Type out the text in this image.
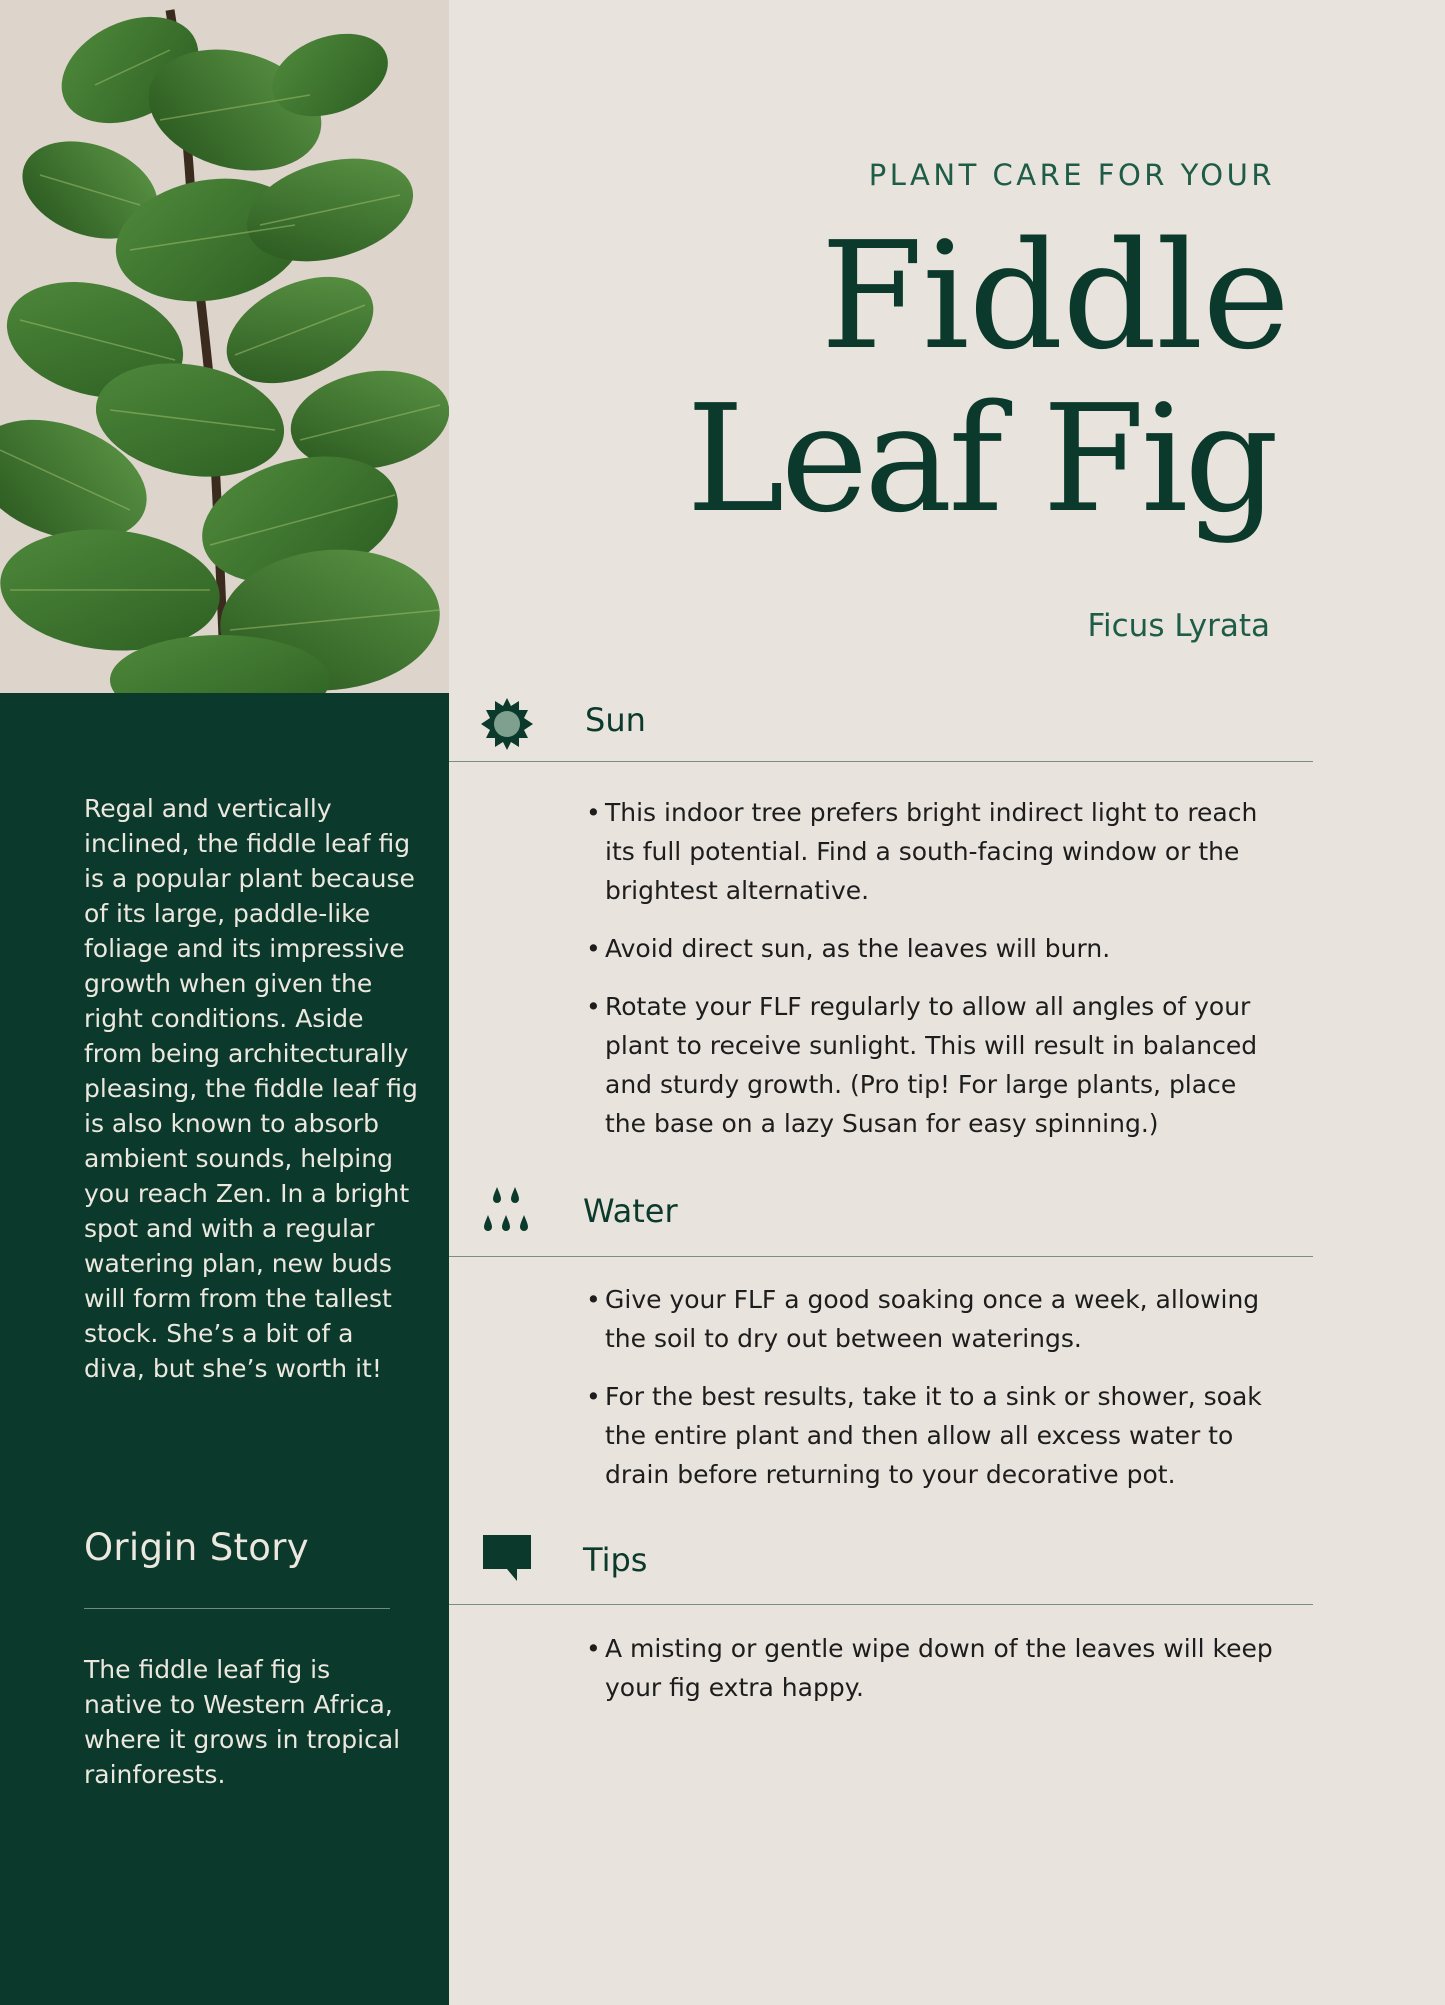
Regal and vertically inclined, the fiddle leaf fig is a popular plant because of its large, paddle-like foliage and its impressive growth when given the right conditions. Aside from being architecturally pleasing, the fiddle leaf fig is also known to absorb ambient sounds, helping you reach Zen. In a bright spot and with a regular watering plan, new buds will form from the tallest stock. She’s a bit of a diva, but she’s worth it!

Origin Story

The fiddle leaf fig is native to Western Africa, where it grows in tropical rainforests.

PLANT CARE FOR YOUR

Fiddle
Leaf Fig

Ficus Lyrata

Sun

• This indoor tree prefers bright indirect light to reach its full potential. Find a south-facing window or the brightest alternative.
• Avoid direct sun, as the leaves will burn.
• Rotate your FLF regularly to allow all angles of your plant to receive sunlight. This will result in balanced and sturdy growth. (Pro tip! For large plants, place the base on a lazy Susan for easy spinning.)

Water

• Give your FLF a good soaking once a week, allowing the soil to dry out between waterings.
• For the best results, take it to a sink or shower, soak the entire plant and then allow all excess water to drain before returning to your decorative pot.

Tips

• A misting or gentle wipe down of the leaves will keep your fig extra happy.
